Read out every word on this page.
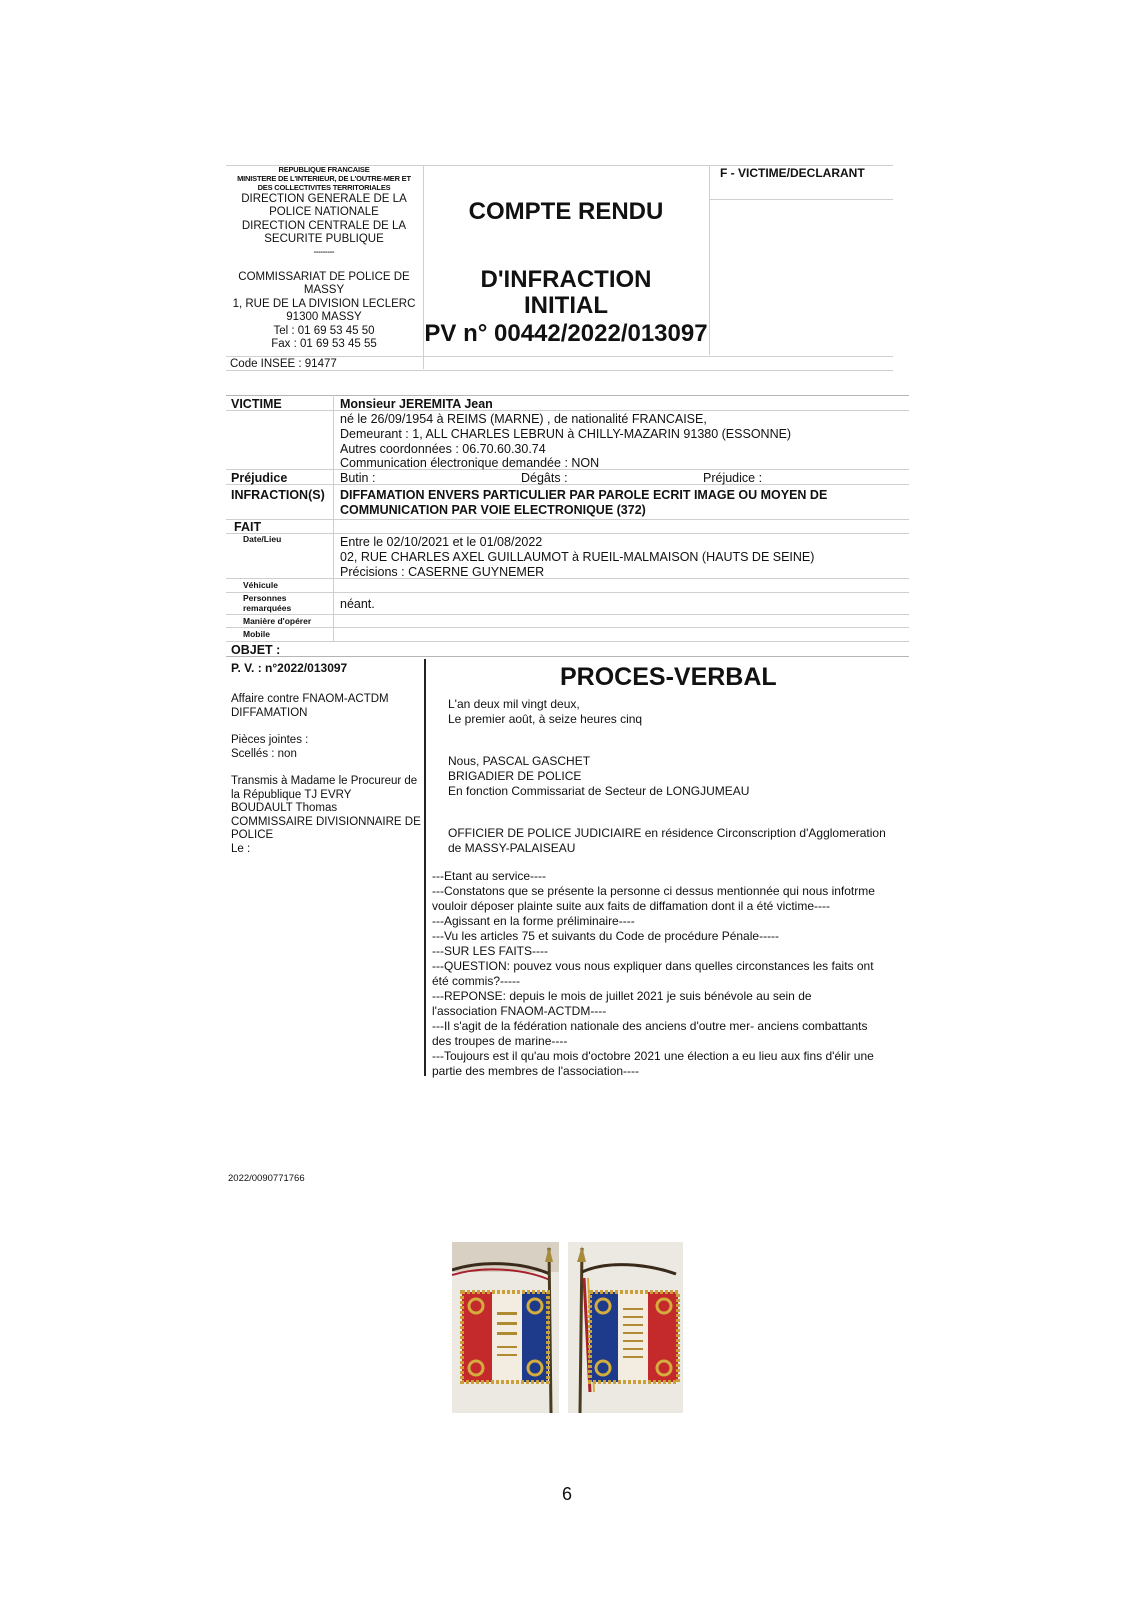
REPUBLIQUE FRANCAISE
MINISTERE DE L'INTERIEUR, DE L'OUTRE-MER ET
DES COLLECTIVITES TERRITORIALES
DIRECTION GENERALE DE LA
POLICE NATIONALE
DIRECTION CENTRALE DE LA
SECURITE PUBLIQUE
---------
COMMISSARIAT DE POLICE DE
MASSY
1, RUE DE LA DIVISION LECLERC
91300 MASSY
Tel : 01 69 53 45 50
Fax : 01 69 53 45 55
Code INSEE : 91477
COMPTE RENDU
D'INFRACTION
INITIAL
PV n° 00442/2022/013097
F - VICTIME/DECLARANT
VICTIME	Monsieur JEREMITA Jean
né le 26/09/1954 à REIMS (MARNE) , de nationalité FRANCAISE,
Demeurant : 1, ALL CHARLES LEBRUN à CHILLY-MAZARIN 91380 (ESSONNE)
Autres coordonnées : 06.70.60.30.74
Communication électronique demandée : NON
Préjudice	Butin :	Dégâts :	Préjudice :
INFRACTION(S) DIFFAMATION ENVERS PARTICULIER PAR PAROLE ECRIT IMAGE OU MOYEN DE
COMMUNICATION PAR VOIE ELECTRONIQUE (372)
FAIT
Date/Lieu	Entre le 02/10/2021 et le 01/08/2022
02, RUE CHARLES AXEL GUILLAUMOT à RUEIL-MALMAISON (HAUTS DE SEINE)
Précisions : CASERNE GUYNEMER
Véhicule
Personnes
remarquées	néant.
Manière d'opérer
Mobile
OBJET :
P. V. : n°2022/013097	PROCES-VERBAL
Affaire contre FNAOM-ACTDM
DIFFAMATION
Pièces jointes :
Scellés : non
Transmis à Madame le Procureur de
la République TJ EVRY
BOUDAULT Thomas
COMMISSAIRE DIVISIONNAIRE DE
POLICE
Le :
L'an deux mil vingt deux,
Le premier août, à seize heures cinq
Nous, PASCAL GASCHET
BRIGADIER DE POLICE
En fonction Commissariat de Secteur de LONGJUMEAU
OFFICIER DE POLICE JUDICIAIRE en résidence Circonscription d'Agglomeration
de MASSY-PALAISEAU
---Etant au service----
---Constatons que se présente la personne ci dessus mentionnée qui nous infotrme
vouloir déposer plainte suite aux faits de diffamation dont il a été victime----
---Agissant en la forme préliminaire----
---Vu les articles 75 et suivants du Code de procédure Pénale-----
---SUR LES FAITS----
---QUESTION: pouvez vous nous expliquer dans quelles circonstances les faits ont
été commis?-----
---REPONSE: depuis le mois de juillet 2021 je suis bénévole au sein de
l'association FNAOM-ACTDM----
---Il s'agit de la fédération nationale des anciens d'outre mer- anciens combattants
des troupes de marine----
---Toujours est il qu'au mois d'octobre 2021 une élection a eu lieu aux fins d'élir une
partie des membres de l'association----
2022/0090771766
6
